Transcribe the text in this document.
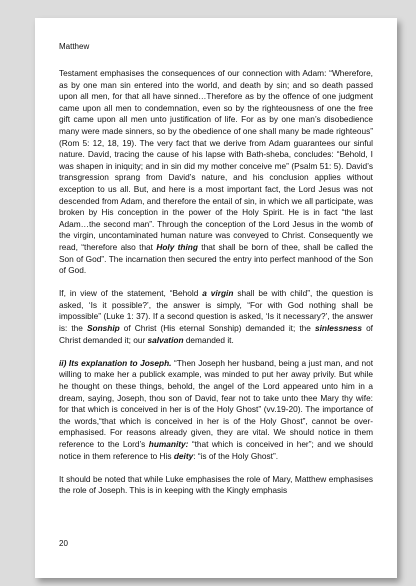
Matthew

Testament emphasises the consequences of our connection with Adam: “Wherefore, as by one man sin entered into the world, and death by sin; and so death passed upon all men, for that all have sinned…Therefore as by the offence of one judgment came upon all men to condemnation, even so by the righteousness of one the free gift came upon all men unto justification of life. For as by one man’s disobedience many were made sinners, so by the obedience of one shall many be made righteous” (Rom 5: 12, 18, 19). The very fact that we derive from Adam guarantees our sinful nature. David, tracing the cause of his lapse with Bath-sheba, concludes: “Behold, I was shapen in iniquity; and in sin did my mother conceive me” (Psalm 51: 5). David’s transgression sprang from David’s nature, and his conclusion applies without exception to us all. But, and here is a most important fact, the Lord Jesus was not descended from Adam, and therefore the entail of sin, in which we all participate, was broken by His conception in the power of the Holy Spirit. He is in fact “the last Adam…the second man”. Through the conception of the Lord Jesus in the womb of the virgin, uncontaminated human nature was conveyed to Christ. Consequently we read, “therefore also that Holy thing that shall be born of thee, shall be called the Son of God”. The incarnation then secured the entry into perfect manhood of the Son of God.

If, in view of the statement, “Behold a virgin shall be with child”, the question is asked, ‘Is it possible?’, the answer is simply, “For with God nothing shall be impossible” (Luke 1: 37). If a second question is asked, ‘Is it necessary?’, the answer is: the Sonship of Christ (His eternal Sonship) demanded it; the sinlessness of Christ demanded it; our salvation demanded it.

ii) Its explanation to Joseph. “Then Joseph her husband, being a just man, and not willing to make her a publick example, was minded to put her away privily. But while he thought on these things, behold, the angel of the Lord appeared unto him in a dream, saying, Joseph, thou son of David, fear not to take unto thee Mary thy wife: for that which is conceived in her is of the Holy Ghost” (vv.19-20). The importance of the words,“that which is conceived in her is of the Holy Ghost”, cannot be over-emphasised. For reasons already given, they are vital. We should notice in them reference to the Lord’s humanity: “that which is conceived in her”; and we should notice in them reference to His deity: “is of the Holy Ghost”.

It should be noted that while Luke emphasises the role of Mary, Matthew emphasises the role of Joseph. This is in keeping with the Kingly emphasis

20
